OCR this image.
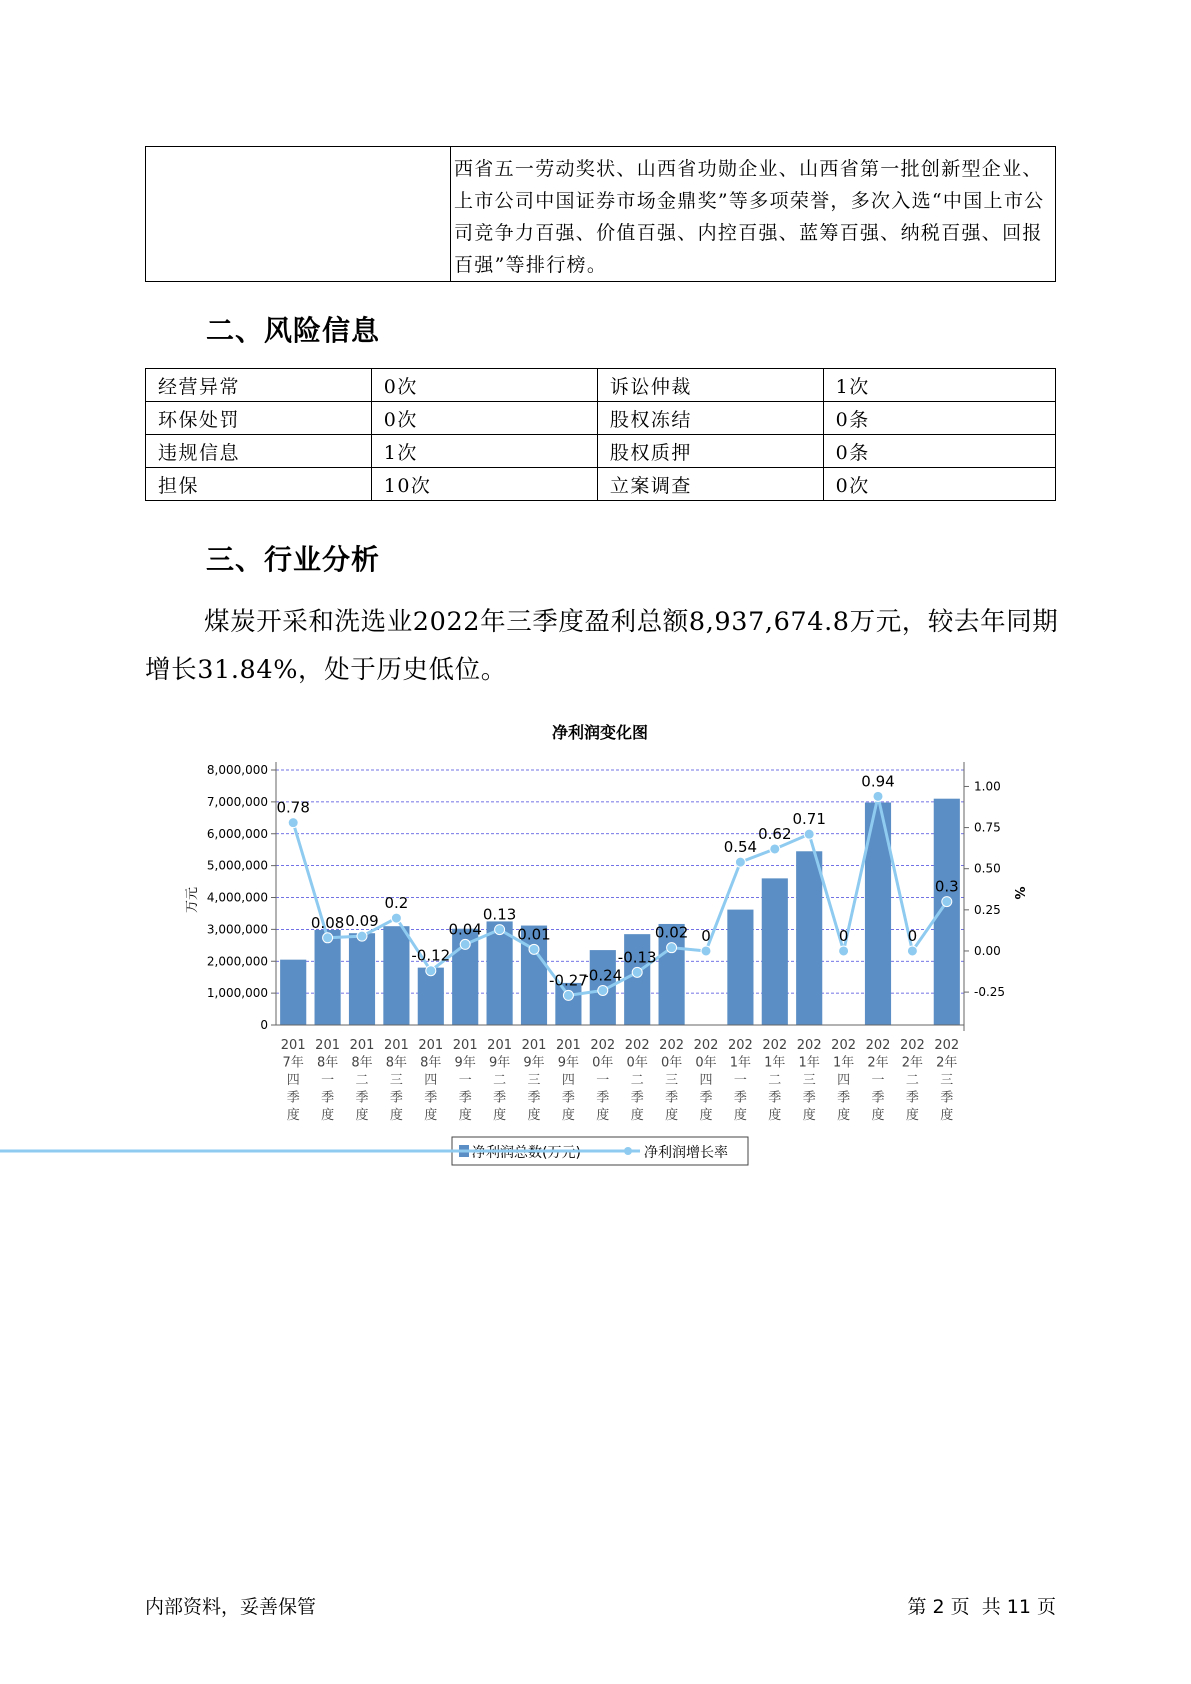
	西省五一劳动奖状、山西省功勋企业、山西省第一批创新型企业、上市公司中国证券市场金鼎奖”等多项荣誉，多次入选“中国上市公司竞争力百强、价值百强、内控百强、蓝筹百强、纳税百强、回报百强”等排行榜。
二、风险信息
经营异常	0次	诉讼仲裁	1次
环保处罚	0次	股权冻结	0条
违规信息	1次	股权质押	0条
担保	10次	立案调查	0次
三、行业分析
煤炭开采和洗选业2022年三季度盈利总额8,937,674.8万元，较去年同期增长31.84%，处于历史低位。
净利润变化图
0.78
0.08 0.09
0.2
-0.12
0.04
0.13
0.01
-0.27
-0.24
-0.13
0.02 0
0.54
0.62
0.71
0
0.94
0
0.3
8,000,000
7,000,000
6,000,000
5,000,000
4,000,000
3,000,000
2,000,000
1,000,000
0
1.00
0.75
0.50
0.25
0.00
-0.25
201
7年
四
季
度
201
8年
一
季
度
201
8年
二
季
度
201
8年
三
季
度
201
8年
四
季
度
201
9年
一
季
度
201
9年
二
季
度
201
9年
三
季
度
201
9年
四
季
度
202
0年
一
季
度
202
0年
二
季
度
202
0年
三
季
度
202
0年
四
季
度
202
1年
一
季
度
202
1年
二
季
度
202
1年
三
季
度
202
1年
四
季
度
202
2年
一
季
度
202
2年
二
季
度
202
2年
三
季
度
万元	%
净利润总数(万元)	净利润增长率
内部资料，妥善保管	第 2 页  共 11 页
